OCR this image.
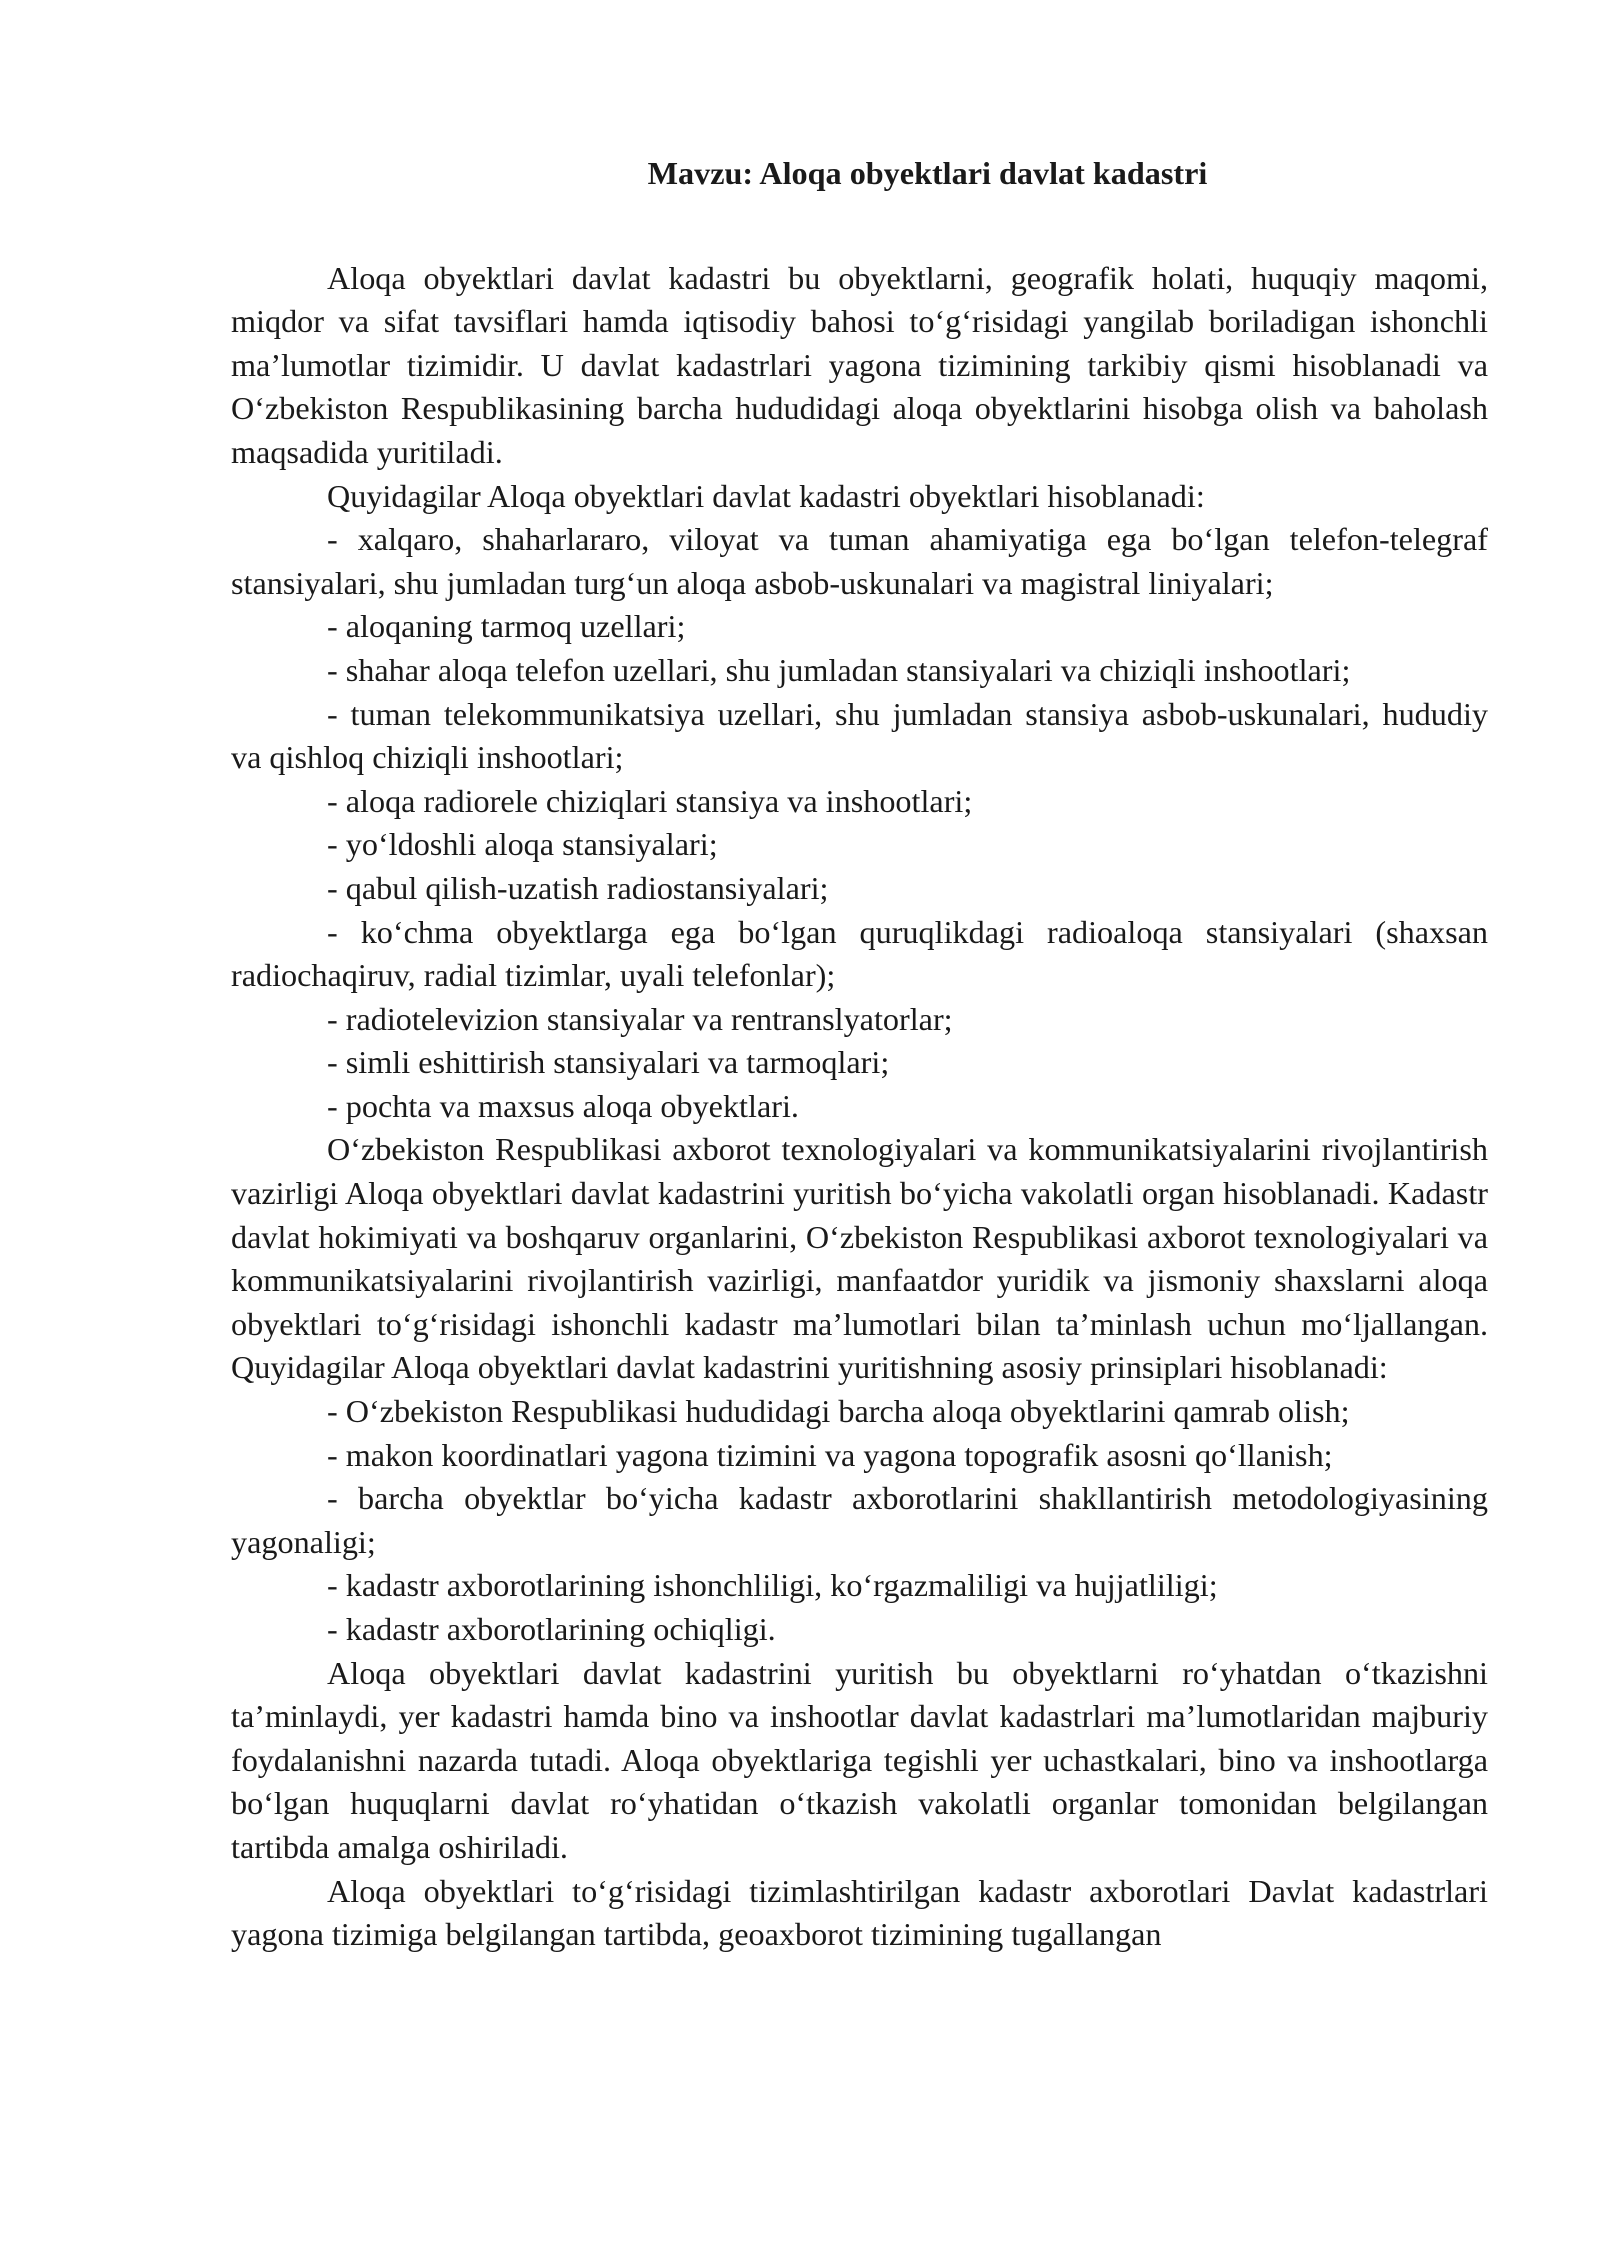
Mavzu: Aloqa obyektlari davlat kadastri

Aloqa obyektlari davlat kadastri bu obyektlarni, geografik holati, huquqiy maqomi, miqdor va sifat tavsiflari hamda iqtisodiy bahosi to‘g‘risidagi yangilab boriladigan ishonchli ma’lumotlar tizimidir. U davlat kadastrlari yagona tizimining tarkibiy qismi hisoblanadi va O‘zbekiston Respublikasining barcha hududidagi aloqa obyektlarini hisobga olish va baholash maqsadida yuritiladi.

Quyidagilar Aloqa obyektlari davlat kadastri obyektlari hisoblanadi:

- xalqaro, shaharlararo, viloyat va tuman ahamiyatiga ega bo‘lgan telefon-telegraf stansiyalari, shu jumladan turg‘un aloqa asbob-uskunalari va magistral liniyalari;

- aloqaning tarmoq uzellari;

- shahar aloqa telefon uzellari, shu jumladan stansiyalari va chiziqli inshootlari;

- tuman telekommunikatsiya uzellari, shu jumladan stansiya asbob-uskunalari, hududiy va qishloq chiziqli inshootlari;

- aloqa radiorele chiziqlari stansiya va inshootlari;

- yo‘ldoshli aloqa stansiyalari;

- qabul qilish-uzatish radiostansiyalari;

- ko‘chma obyektlarga ega bo‘lgan quruqlikdagi radioaloqa stansiyalari (shaxsan radiochaqiruv, radial tizimlar, uyali telefonlar);

- radiotelevizion stansiyalar va rentranslyatorlar;

- simli eshittirish stansiyalari va tarmoqlari;

- pochta va maxsus aloqa obyektlari.

O‘zbekiston Respublikasi axborot texnologiyalari va kommunikatsiyalarini rivojlantirish vazirligi Aloqa obyektlari davlat kadastrini yuritish bo‘yicha vakolatli organ hisoblanadi. Kadastr davlat hokimiyati va boshqaruv organlarini, O‘zbekiston Respublikasi axborot texnologiyalari va kommunikatsiyalarini rivojlantirish vazirligi, manfaatdor yuridik va jismoniy shaxslarni aloqa obyektlari to‘g‘risidagi ishonchli kadastr ma’lumotlari bilan ta’minlash uchun mo‘ljallangan. Quyidagilar Aloqa obyektlari davlat kadastrini yuritishning asosiy prinsiplari hisoblanadi:

- O‘zbekiston Respublikasi hududidagi barcha aloqa obyektlarini qamrab olish;

- makon koordinatlari yagona tizimini va yagona topografik asosni qo‘llanish;

- barcha obyektlar bo‘yicha kadastr axborotlarini shakllantirish metodologiyasining yagonaligi;

- kadastr axborotlarining ishonchliligi, ko‘rgazmaliligi va hujjatliligi;

- kadastr axborotlarining ochiqligi.

Aloqa obyektlari davlat kadastrini yuritish bu obyektlarni ro‘yhatdan o‘tkazishni ta’minlaydi, yer kadastri hamda bino va inshootlar davlat kadastrlari ma’lumotlaridan majburiy foydalanishni nazarda tutadi. Aloqa obyektlariga tegishli yer uchastkalari, bino va inshootlarga bo‘lgan huquqlarni davlat ro‘yhatidan o‘tkazish vakolatli organlar tomonidan belgilangan tartibda amalga oshiriladi.

Aloqa obyektlari to‘g‘risidagi tizimlashtirilgan kadastr axborotlari Davlat kadastrlari yagona tizimiga belgilangan tartibda, geoaxborot tizimining tugallangan
